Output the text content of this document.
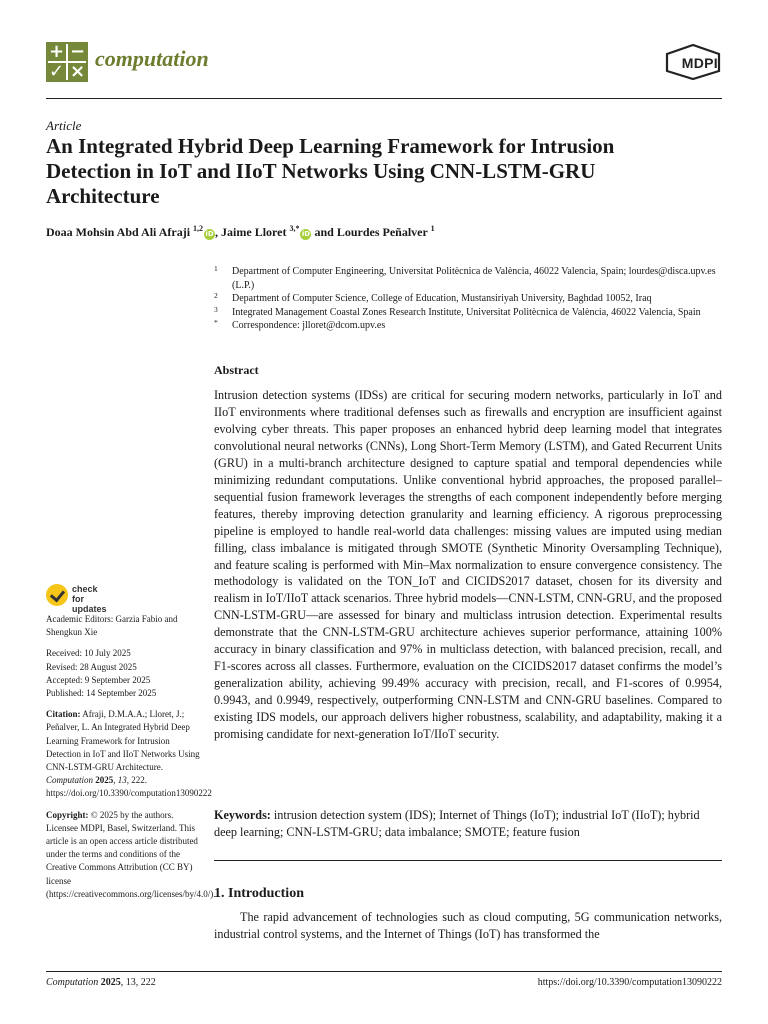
+ −
✓ ×
computation	MDPI
Article
An Integrated Hybrid Deep Learning Framework for Intrusion Detection in IoT and IIoT Networks Using CNN-LSTM-GRU Architecture
Doaa Mohsin Abd Ali Afraji $^{1,2}$iD, Jaime Lloret $^{3,*}$iD and Lourdes Peñalver $^1$
1 Department of Computer Engineering, Universitat Politècnica de València, 46022 Valencia, Spain; lourdes@disca.upv.es (L.P.)
2 Department of Computer Science, College of Education, Mustansiriyah University, Baghdad 10052, Iraq
3 Integrated Management Coastal Zones Research Institute, Universitat Politècnica de València, 46022 Valencia, Spain
* Correspondence: jlloret@dcom.upv.es
Abstract

Intrusion detection systems (IDSs) are critical for securing modern networks, particularly in IoT and IIoT environments where traditional defenses such as firewalls and encryption are insufficient against evolving cyber threats. This paper proposes an enhanced hybrid deep learning model that integrates convolutional neural networks (CNNs), Long Short-Term Memory (LSTM), and Gated Recurrent Units (GRU) in a multi-branch architecture designed to capture spatial and temporal dependencies while minimizing redundant computations. Unlike conventional hybrid approaches, the proposed parallel–sequential fusion framework leverages the strengths of each component independently before merging features, thereby improving detection granularity and learning efficiency. A rigorous preprocessing pipeline is employed to handle real-world data challenges: missing values are imputed using median filling, class imbalance is mitigated through SMOTE (Synthetic Minority Oversampling Technique), and feature scaling is performed with Min–Max normalization to ensure convergence consistency. The methodology is validated on the TON_IoT and CICIDS2017 dataset, chosen for its diversity and realism in IoT/IIoT attack scenarios. Three hybrid models—CNN-LSTM, CNN-GRU, and the proposed CNN-LSTM-GRU—are assessed for binary and multiclass intrusion detection. Experimental results demonstrate that the CNN-LSTM-GRU architecture achieves superior performance, attaining 100% accuracy in binary classification and 97% in multiclass detection, with balanced precision, recall, and F1-scores across all classes. Furthermore, evaluation on the CICIDS2017 dataset confirms the model’s generalization ability, achieving 99.49% accuracy with precision, recall, and F1-scores of 0.9954, 0.9943, and 0.9949, respectively, outperforming CNN-LSTM and CNN-GRU baselines. Compared to existing IDS models, our approach delivers higher robustness, scalability, and adaptability, making it a promising candidate for next-generation IoT/IIoT security.

Keywords: intrusion detection system (IDS); Internet of Things (IoT); industrial IoT (IIoT); hybrid deep learning; CNN-LSTM-GRU; data imbalance; SMOTE; feature fusion
1. Introduction

The rapid advancement of technologies such as cloud computing, 5G communication networks, industrial control systems, and the Internet of Things (IoT) has transformed the

check for updates
Academic Editors: Garzia Fabio and Shengkun Xie
Received: 10 July 2025
Revised: 28 August 2025
Accepted: 9 September 2025
Published: 14 September 2025
Citation: Afraji, D.M.A.A.; Lloret, J.; Peñalver, L. An Integrated Hybrid Deep Learning Framework for Intrusion Detection in IoT and IIoT Networks Using CNN-LSTM-GRU Architecture. Computation 2025, 13, 222. https://doi.org/10.3390/computation13090222
Copyright: © 2025 by the authors. Licensee MDPI, Basel, Switzerland. This article is an open access article distributed under the terms and conditions of the Creative Commons Attribution (CC BY) license (https://creativecommons.org/licenses/by/4.0/).
Computation 2025, 13, 222	https://doi.org/10.3390/computation13090222
